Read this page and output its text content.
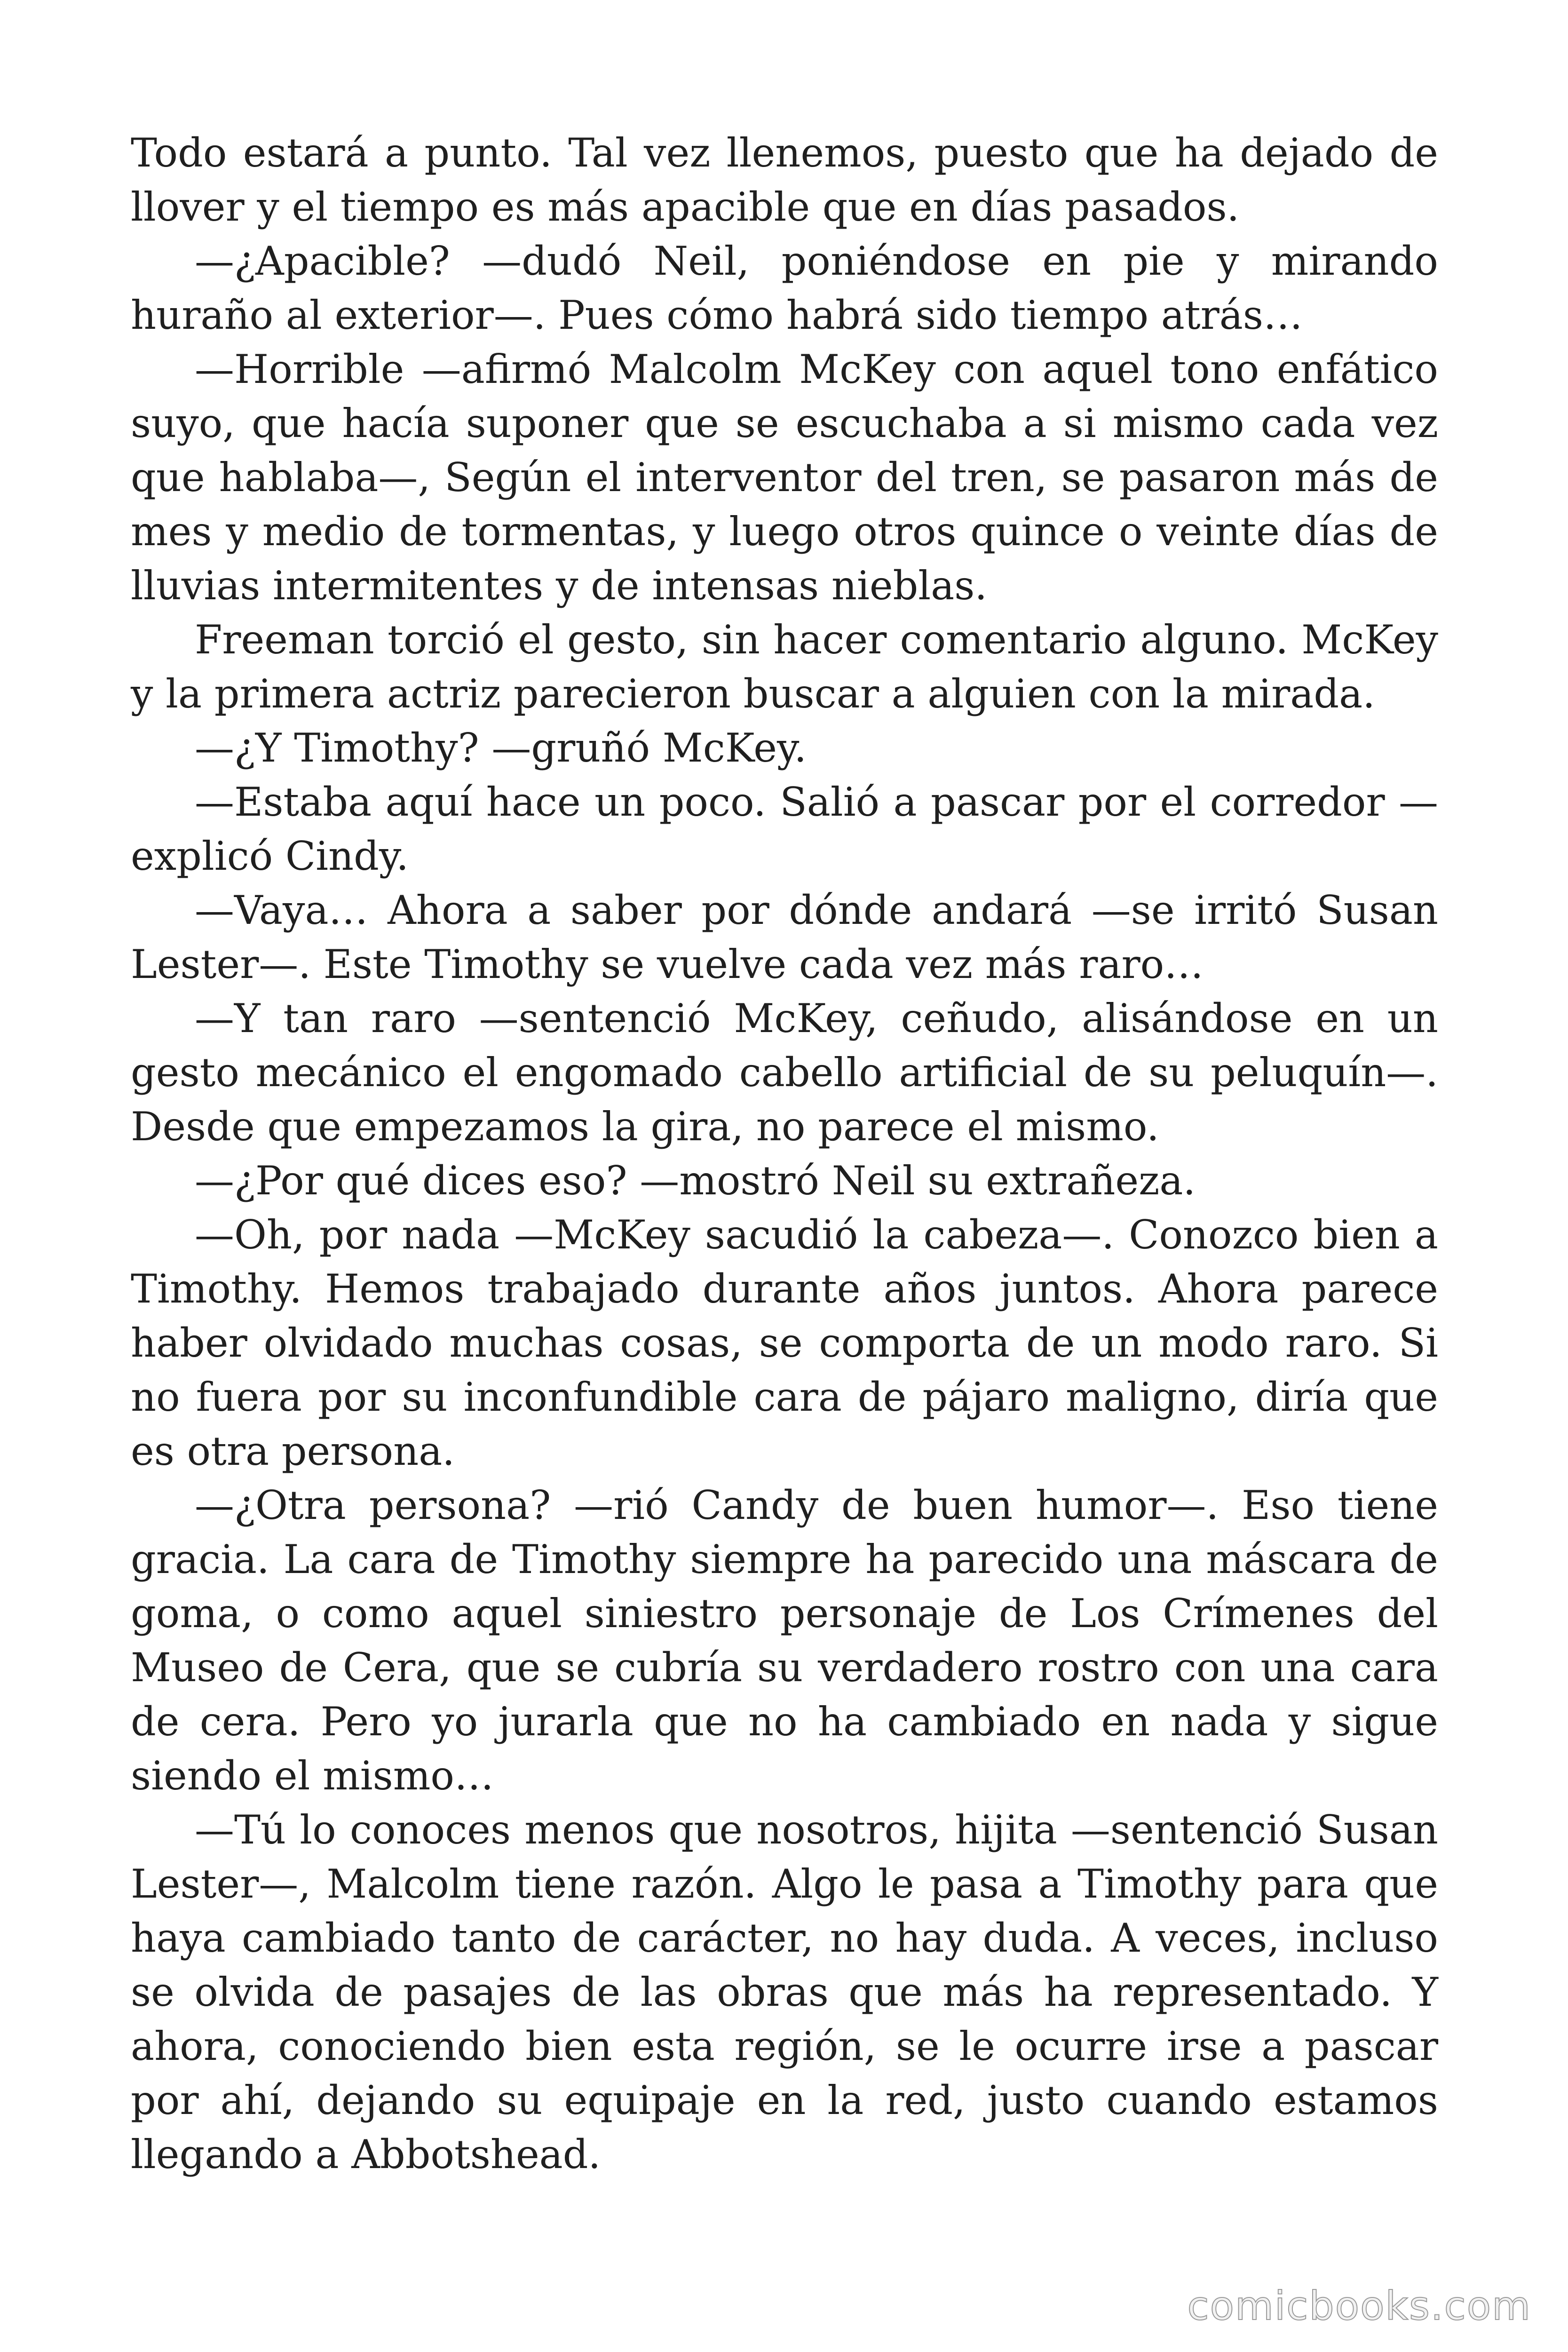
Todo estará a punto. Tal vez llenemos, puesto que ha dejado de llover y el tiempo es más apacible que en días pasados.

—¿Apacible? —dudó Neil, poniéndose en pie y mirando huraño al exterior—. Pues cómo habrá sido tiempo atrás…

—Horrible —afirmó Malcolm McKey con aquel tono enfático suyo, que hacía suponer que se escuchaba a si mismo cada vez que hablaba—, Según el interventor del tren, se pasaron más de mes y medio de tormentas, y luego otros quince o veinte días de lluvias intermitentes y de intensas nieblas.

Freeman torció el gesto, sin hacer comentario alguno. McKey y la primera actriz parecieron buscar a alguien con la mirada.

—¿Y Timothy? —gruñó McKey.

—Estaba aquí hace un poco. Salió a pascar por el corredor — explicó Cindy.

—Vaya… Ahora a saber por dónde andará —se irritó Susan Lester—. Este Timothy se vuelve cada vez más raro…

—Y tan raro —sentenció McKey, ceñudo, alisándose en un gesto mecánico el engomado cabello artificial de su peluquín—. Desde que empezamos la gira, no parece el mismo.

—¿Por qué dices eso? —mostró Neil su extrañeza.

—Oh, por nada —McKey sacudió la cabeza—. Conozco bien a Timothy. Hemos trabajado durante años juntos. Ahora parece haber olvidado muchas cosas, se comporta de un modo raro. Si no fuera por su inconfundible cara de pájaro maligno, diría que es otra persona.

—¿Otra persona? —rió Candy de buen humor—. Eso tiene gracia. La cara de Timothy siempre ha parecido una máscara de goma, o como aquel siniestro personaje de Los Crímenes del Museo de Cera, que se cubría su verdadero rostro con una cara de cera. Pero yo jurarla que no ha cambiado en nada y sigue siendo el mismo…

—Tú lo conoces menos que nosotros, hijita —sentenció Susan Lester—, Malcolm tiene razón. Algo le pasa a Timothy para que haya cambiado tanto de carácter, no hay duda. A veces, incluso se olvida de pasajes de las obras que más ha representado. Y ahora, conociendo bien esta región, se le ocurre irse a pascar por ahí, dejando su equipaje en la red, justo cuando estamos llegando a Abbotshead.

comicbooks.com
